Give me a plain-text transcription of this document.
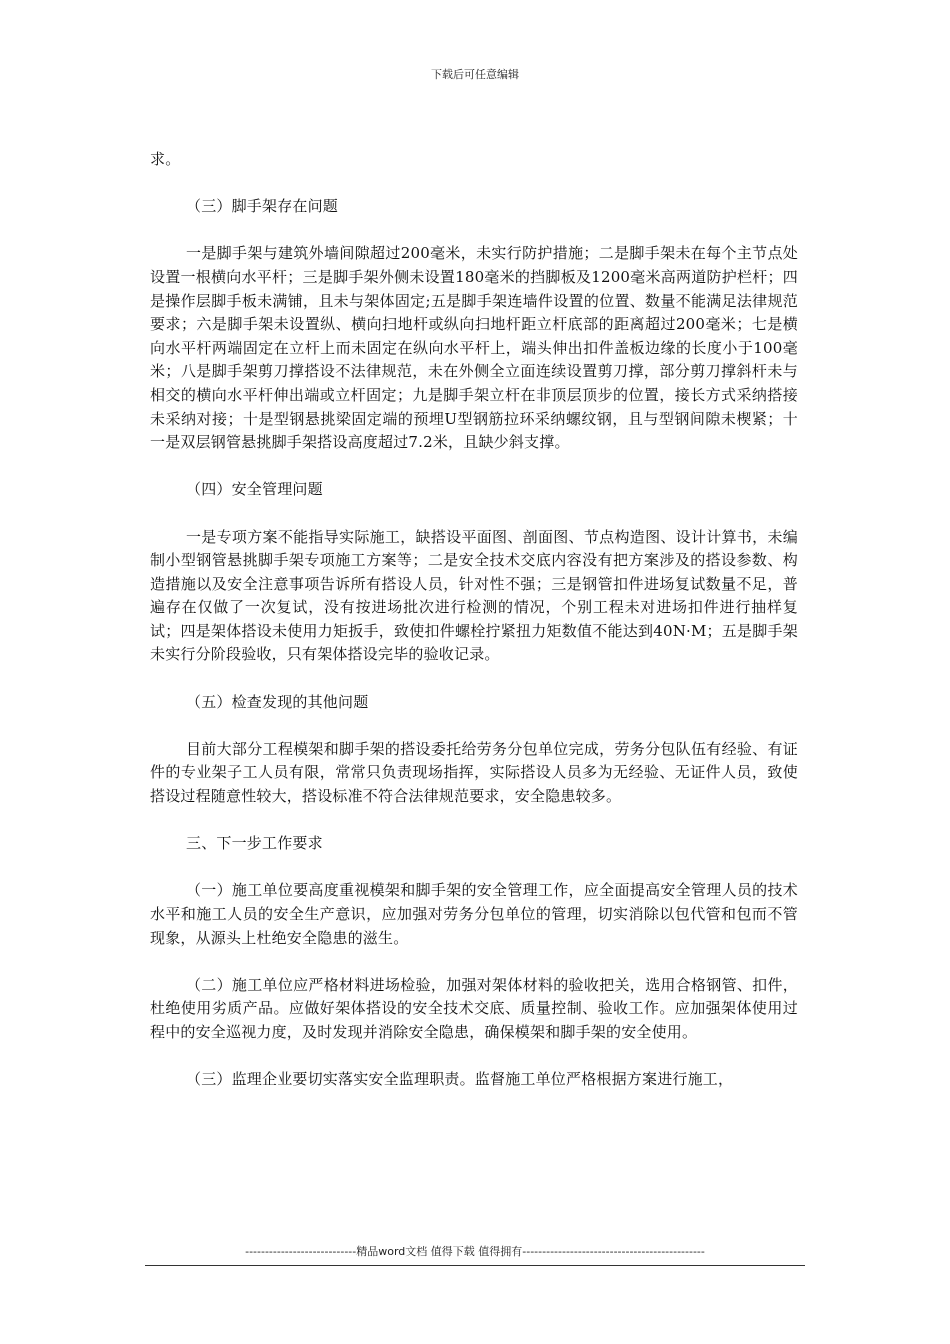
下载后可任意编辑

求。

（三）脚手架存在问题

一是脚手架与建筑外墙间隙超过200毫米，未实行防护措施；二是脚手架未在每个主节点处设置一根横向水平杆；三是脚手架外侧未设置180毫米的挡脚板及1200毫米高两道防护栏杆；四是操作层脚手板未满铺，且未与架体固定;五是脚手架连墙件设置的位置、数量不能满足法律规范要求；六是脚手架未设置纵、横向扫地杆或纵向扫地杆距立杆底部的距离超过200毫米；七是横向水平杆两端固定在立杆上而未固定在纵向水平杆上，端头伸出扣件盖板边缘的长度小于100毫米；八是脚手架剪刀撑搭设不法律规范，未在外侧全立面连续设置剪刀撑，部分剪刀撑斜杆未与相交的横向水平杆伸出端或立杆固定；九是脚手架立杆在非顶层顶步的位置，接长方式采纳搭接未采纳对接；十是型钢悬挑梁固定端的预埋U型钢筋拉环采纳螺纹钢，且与型钢间隙未楔紧；十一是双层钢管悬挑脚手架搭设高度超过7.2米，且缺少斜支撑。

（四）安全管理问题

一是专项方案不能指导实际施工，缺搭设平面图、剖面图、节点构造图、设计计算书，未编制小型钢管悬挑脚手架专项施工方案等；二是安全技术交底内容没有把方案涉及的搭设参数、构造措施以及安全注意事项告诉所有搭设人员，针对性不强；三是钢管扣件进场复试数量不足，普遍存在仅做了一次复试，没有按进场批次进行检测的情况，个别工程未对进场扣件进行抽样复试；四是架体搭设未使用力矩扳手，致使扣件螺栓拧紧扭力矩数值不能达到40N·M；五是脚手架未实行分阶段验收，只有架体搭设完毕的验收记录。

（五）检查发现的其他问题

目前大部分工程模架和脚手架的搭设委托给劳务分包单位完成，劳务分包队伍有经验、有证件的专业架子工人员有限，常常只负责现场指挥，实际搭设人员多为无经验、无证件人员，致使搭设过程随意性较大，搭设标准不符合法律规范要求，安全隐患较多。

三、下一步工作要求

（一）施工单位要高度重视模架和脚手架的安全管理工作，应全面提高安全管理人员的技术水平和施工人员的安全生产意识，应加强对劳务分包单位的管理，切实消除以包代管和包而不管现象，从源头上杜绝安全隐患的滋生。

（二）施工单位应严格材料进场检验，加强对架体材料的验收把关，选用合格钢管、扣件，杜绝使用劣质产品。应做好架体搭设的安全技术交底、质量控制、验收工作。应加强架体使用过程中的安全巡视力度，及时发现并消除安全隐患，确保模架和脚手架的安全使用。

（三）监理企业要切实落实安全监理职责。监督施工单位严格根据方案进行施工，

----------------------------精品word文档 值得下载 值得拥有----------------------------------------------
